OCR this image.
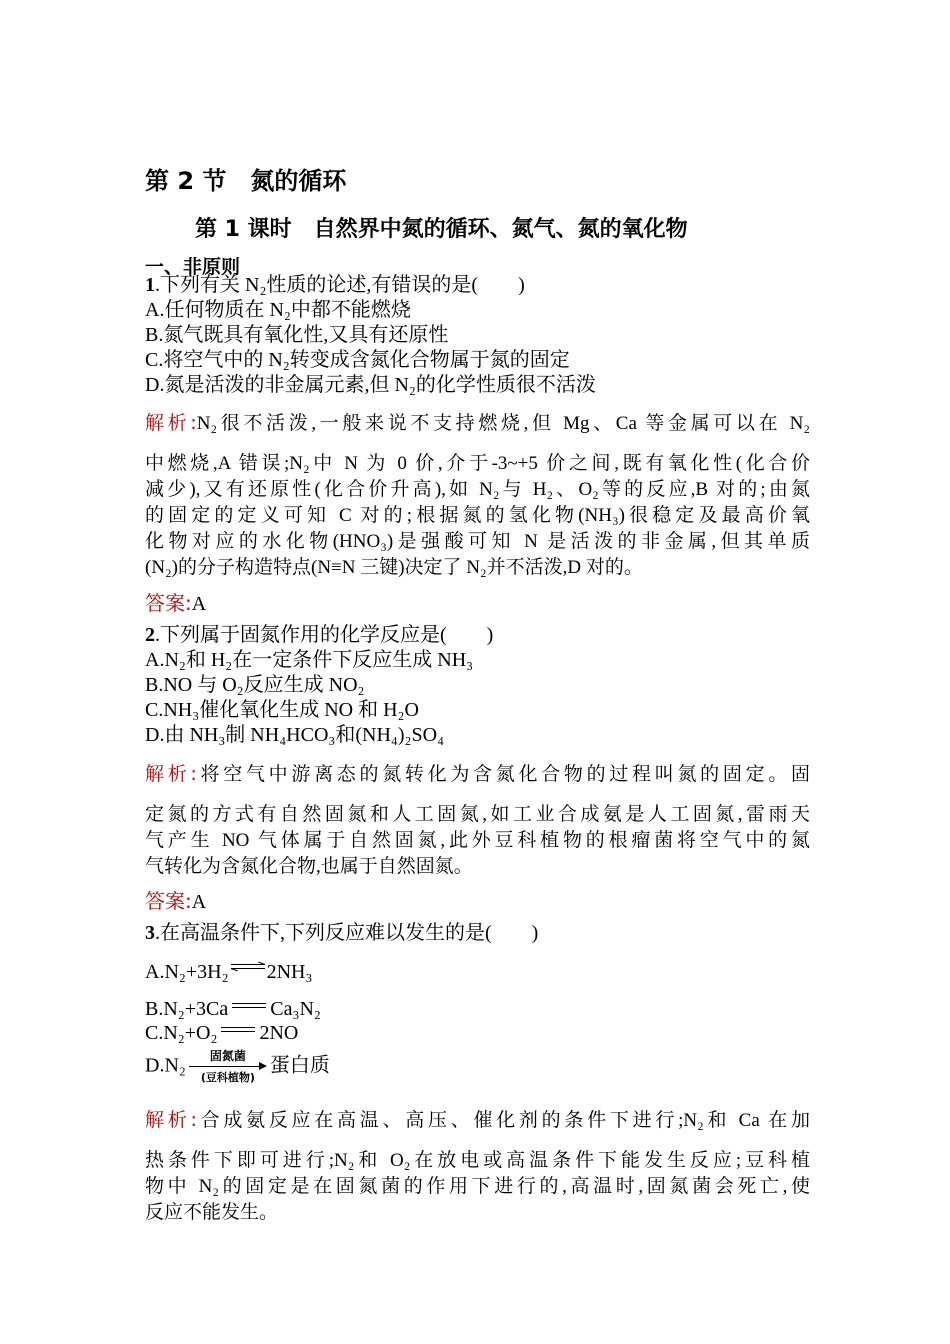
第 2 节　氮的循环
第 1 课时　自然界中氮的循环、氮气、氮的氧化物
一、非原则
1.下列有关 N₂性质的论述,有错误的是(　　)
A.任何物质在 N₂中都不能燃烧
B.氮气既具有氧化性,又具有还原性
C.将空气中的 N₂转变成含氮化合物属于氮的固定
D.氮是活泼的非金属元素,但 N₂的化学性质很不活泼
解析:N₂很不活泼,一般来说不支持燃烧,但 Mg、Ca 等金属可以在 N₂
中燃烧,A 错误;N₂中 N 为 0 价,介于-3~+5 价之间,既有氧化性(化合价
减少),又有还原性(化合价升高),如 N₂与 H₂、O₂等的反应,B 对的;由氮
的固定的定义可知 C 对的;根据氮的氢化物(NH₃)很稳定及最高价氧
化物对应的水化物(HNO₃)是强酸可知 N 是活泼的非金属,但其单质
(N₂)的分子构造特点(N≡N 三键)决定了 N₂并不活泼,D 对的。
答案:A
2.下列属于固氮作用的化学反应是(　　)
A.N₂和 H₂在一定条件下反应生成 NH₃
B.NO 与 O₂反应生成 NO₂
C.NH₃催化氧化生成 NO 和 H₂O
D.由 NH₃制 NH₄HCO₃和(NH₄)₂SO₄
解析:将空气中游离态的氮转化为含氮化合物的过程叫氮的固定。固
定氮的方式有自然固氮和人工固氮,如工业合成氨是人工固氮,雷雨天
气产生 NO 气体属于自然固氮,此外豆科植物的根瘤菌将空气中的氮
气转化为含氮化合物,也属于自然固氮。
答案:A
3.在高温条件下,下列反应难以发生的是(　　)
A.N₂+3H₂ ⇌ 2NH₃
B.N₂+3Ca Ca₃N₂
C.N₂+O₂ 2NO
D.N₂	固氮菌
(豆科植物)
蛋白质
解析:合成氨反应在高温、高压、催化剂的条件下进行;N₂和 Ca 在加
热条件下即可进行;N₂和 O₂在放电或高温条件下能发生反应;豆科植
物中 N₂的固定是在固氮菌的作用下进行的,高温时,固氮菌会死亡,使
反应不能发生。
